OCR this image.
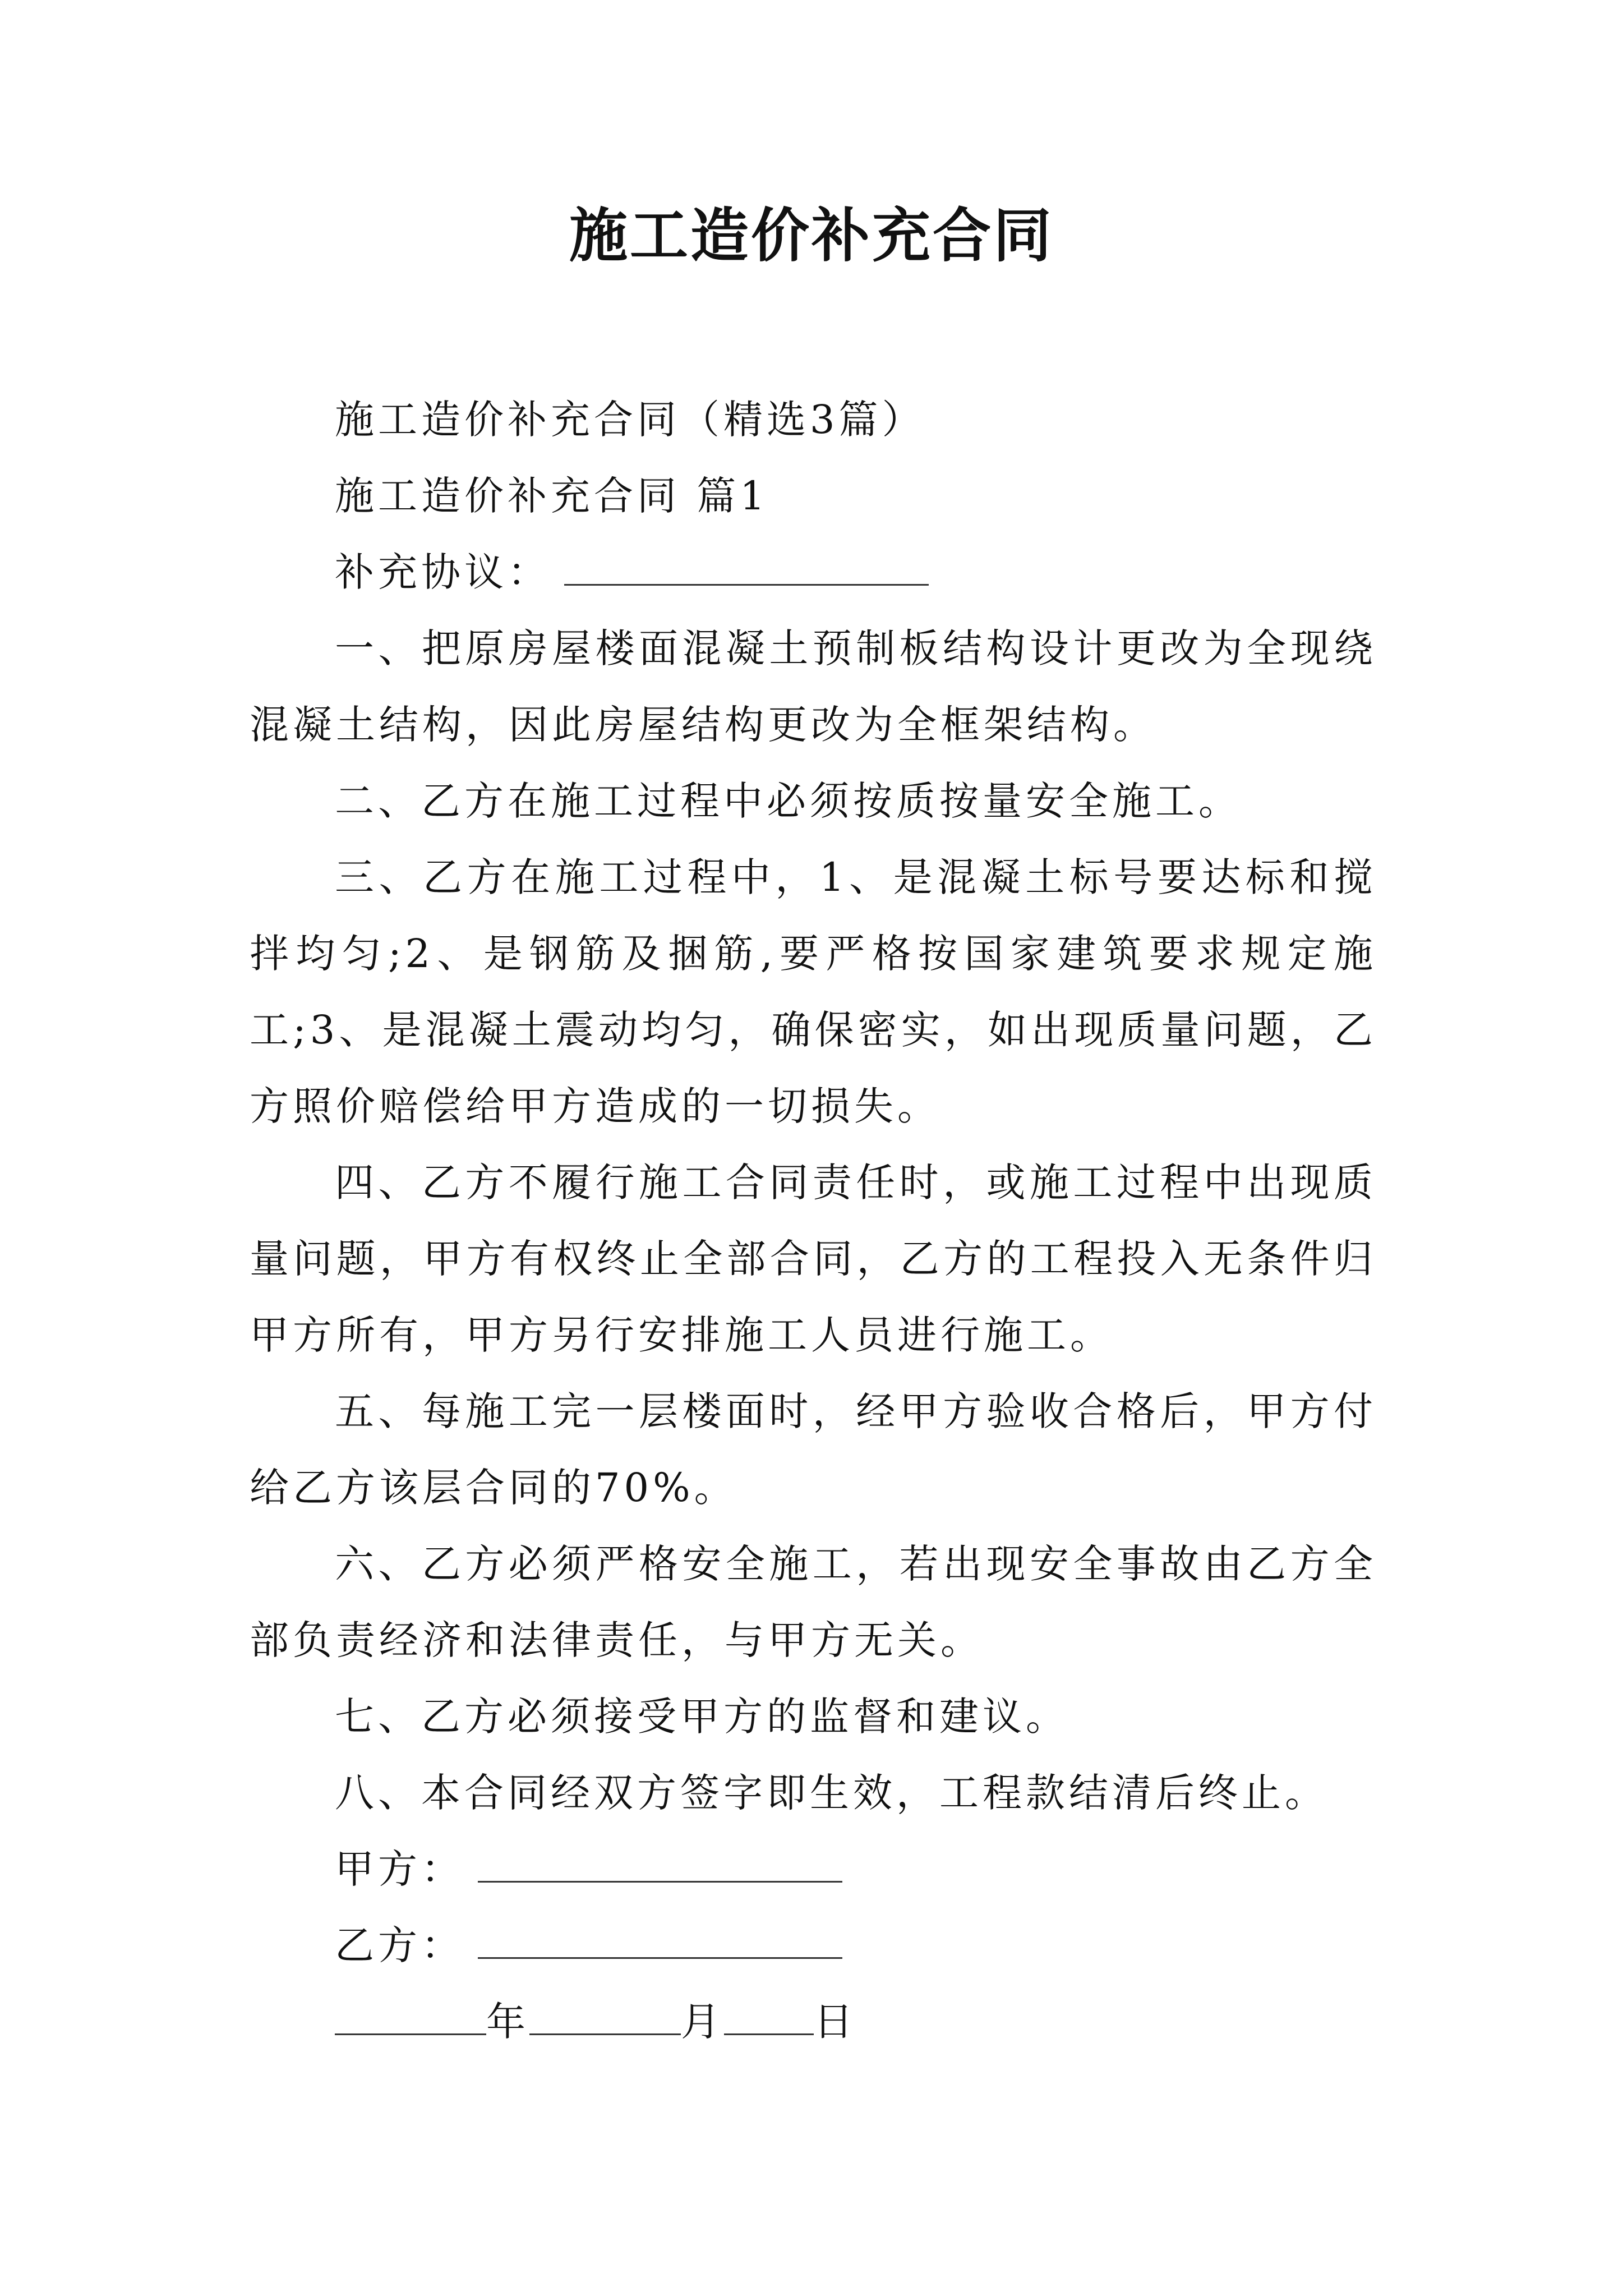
施工造价补充合同

施工造价补充合同（精选3篇）

施工造价补充合同 篇1

补充协议：

一、把原房屋楼面混凝土预制板结构设计更改为全现绕混凝土结构，因此房屋结构更改为全框架结构。

二、乙方在施工过程中必须按质按量安全施工。

三、乙方在施工过程中，1、是混凝土标号要达标和搅拌均匀;2、是钢筋及捆筋,要严格按国家建筑要求规定施工;3、是混凝土震动均匀，确保密实，如出现质量问题，乙方照价赔偿给甲方造成的一切损失。

四、乙方不履行施工合同责任时，或施工过程中出现质量问题，甲方有权终止全部合同，乙方的工程投入无条件归甲方所有，甲方另行安排施工人员进行施工。

五、每施工完一层楼面时，经甲方验收合格后，甲方付给乙方该层合同的70%。

六、乙方必须严格安全施工，若出现安全事故由乙方全部负责经济和法律责任，与甲方无关。

七、乙方必须接受甲方的监督和建议。

八、本合同经双方签字即生效，工程款结清后终止。

甲方：

乙方：

年	月 日
